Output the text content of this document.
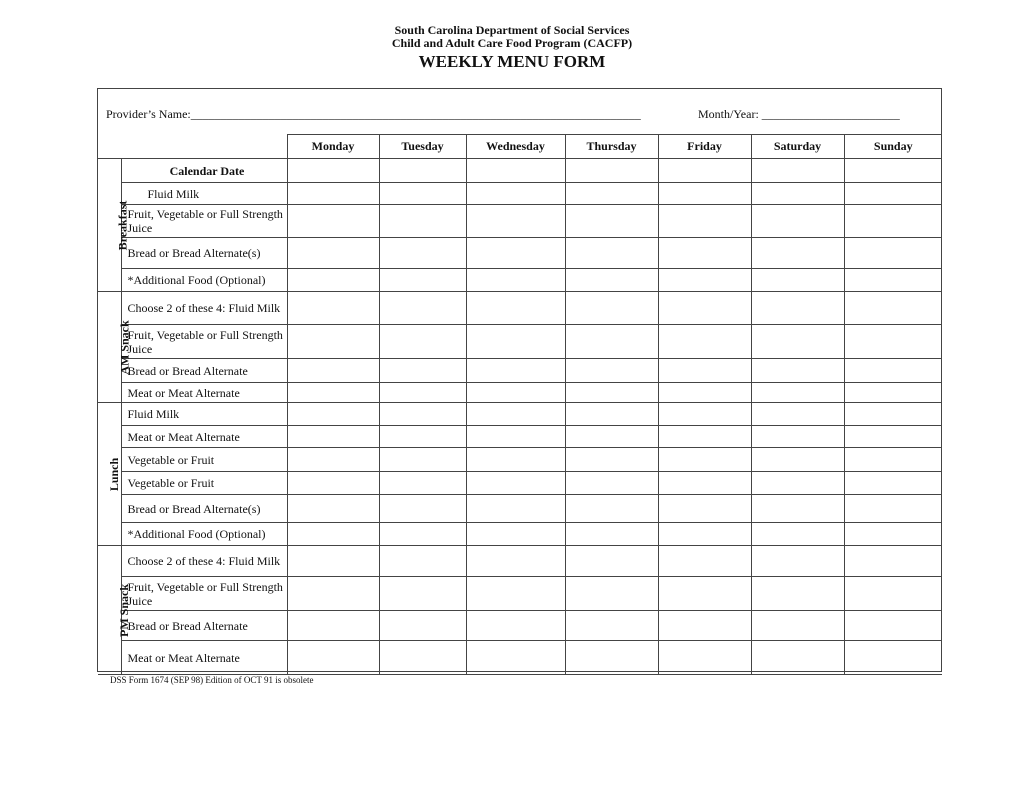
South Carolina Department of Social Services
Child and Adult Care Food Program (CACFP)
WEEKLY MENU FORM
Provider’s Name:___________________________________________________________________________	Month/Year: _______________________
		Monday	Tuesday	Wednesday	Thursday	Friday	Saturday	Sunday
Breakfast	Calendar Date							
	Fluid Milk							
	Fruit, Vegetable or Full Strength Juice							
	Bread or Bread Alternate(s)							
	*Additional Food (Optional)							
AM Snack	Choose 2 of these 4: Fluid Milk							
	Fruit, Vegetable or Full Strength Juice							
	Bread or Bread Alternate							
	Meat or Meat Alternate							
Lunch	Fluid Milk							
	Meat or Meat Alternate							
	Vegetable or Fruit							
	Vegetable or Fruit							
	Bread or Bread Alternate(s)							
	*Additional Food (Optional)							
PM Snack	Choose 2 of these 4: Fluid Milk							
	Fruit, Vegetable or Full Strength Juice							
	Bread or Bread Alternate							
	Meat or Meat Alternate							
DSS Form 1674 (SEP 98) Edition of OCT 91 is obsolete
